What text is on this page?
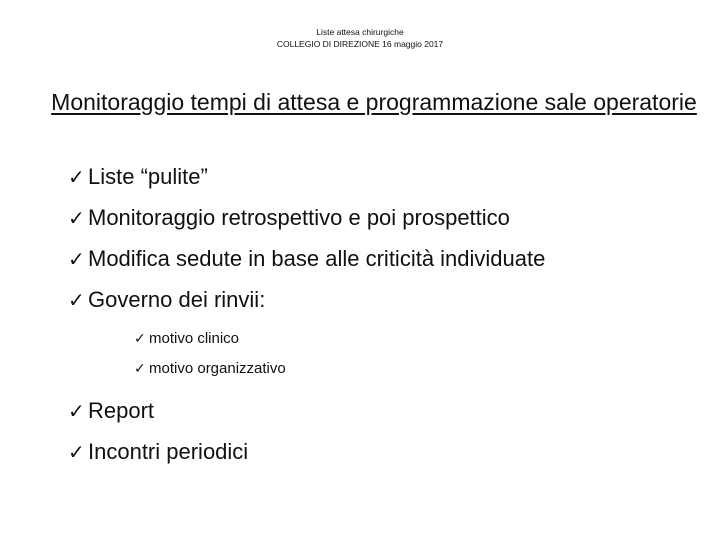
Liste attesa chirurgiche
COLLEGIO DI DIREZIONE 16 maggio 2017
Monitoraggio tempi di attesa e programmazione sale operatorie
✓ Liste “pulite”
✓ Monitoraggio retrospettivo e poi prospettico
✓ Modifica sedute in base alle criticità individuate
✓ Governo dei rinvii:
✓ motivo clinico
✓ motivo organizzativo
✓ Report
✓ Incontri periodici
